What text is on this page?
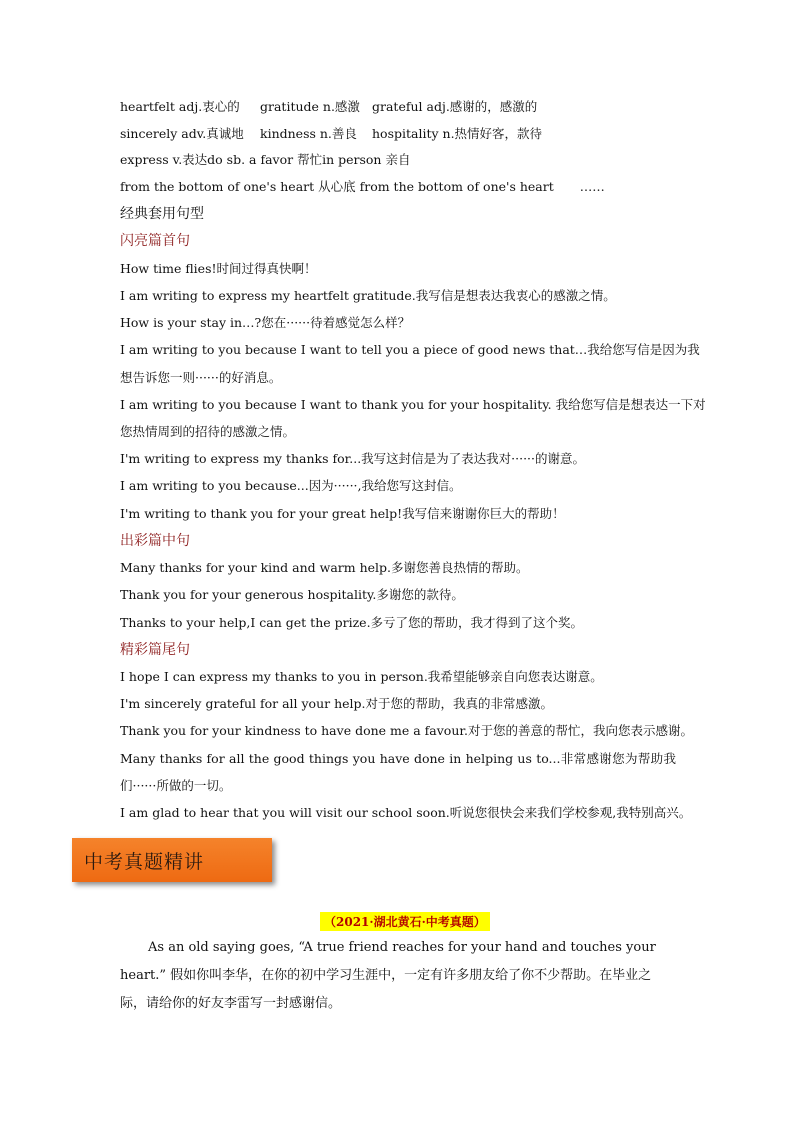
heartfelt adj.衷心的 gratitude n.感激 grateful adj.感谢的，感激的
sincerely adv.真诚地 kindness n.善良 hospitality n.热情好客，款待
express v.表达do sb. a favor 帮忙in person 亲自
from the bottom of one's heart 从心底 from the bottom of one's heart ……
经典套用句型
闪亮篇首句
How time flies!时间过得真快啊！
I am writing to express my heartfelt gratitude.我写信是想表达我衷心的感激之情。
How is your stay in…?您在······待着感觉怎么样？
I am writing to you because I want to tell you a piece of good news that…我给您写信是因为我
想告诉您一则······的好消息。
I am writing to you because I want to thank you for your hospitality. 我给您写信是想表达一下对
您热情周到的招待的感激之情。
I'm writing to express my thanks for...我写这封信是为了表达我对······的谢意。
I am writing to you because...因为······,我给您写这封信。
I'm writing to thank you for your great help!我写信来谢谢你巨大的帮助！
出彩篇中句
Many thanks for your kind and warm help.多谢您善良热情的帮助。
Thank you for your generous hospitality.多谢您的款待。
Thanks to your help,I can get the prize.多亏了您的帮助，我才得到了这个奖。
精彩篇尾句
I hope I can express my thanks to you in person.我希望能够亲自向您表达谢意。
I'm sincerely grateful for all your help.对于您的帮助，我真的非常感激。
Thank you for your kindness to have done me a favour.对于您的善意的帮忙，我向您表示感谢。
Many thanks for all the good things you have done in helping us to...非常感谢您为帮助我
们······所做的一切。
I am glad to hear that you will visit our school soon.听说您很快会来我们学校参观,我特别高兴。
中考真题精讲
（2021·湖北黄石·中考真题）
As an old saying goes, “A true friend reaches for your hand and touches your heart.” 假如你叫李华，在你的初中学习生涯中，一定有许多朋友给了你不少帮助。在毕业之际，请给你的好友李雷写一封感谢信。
